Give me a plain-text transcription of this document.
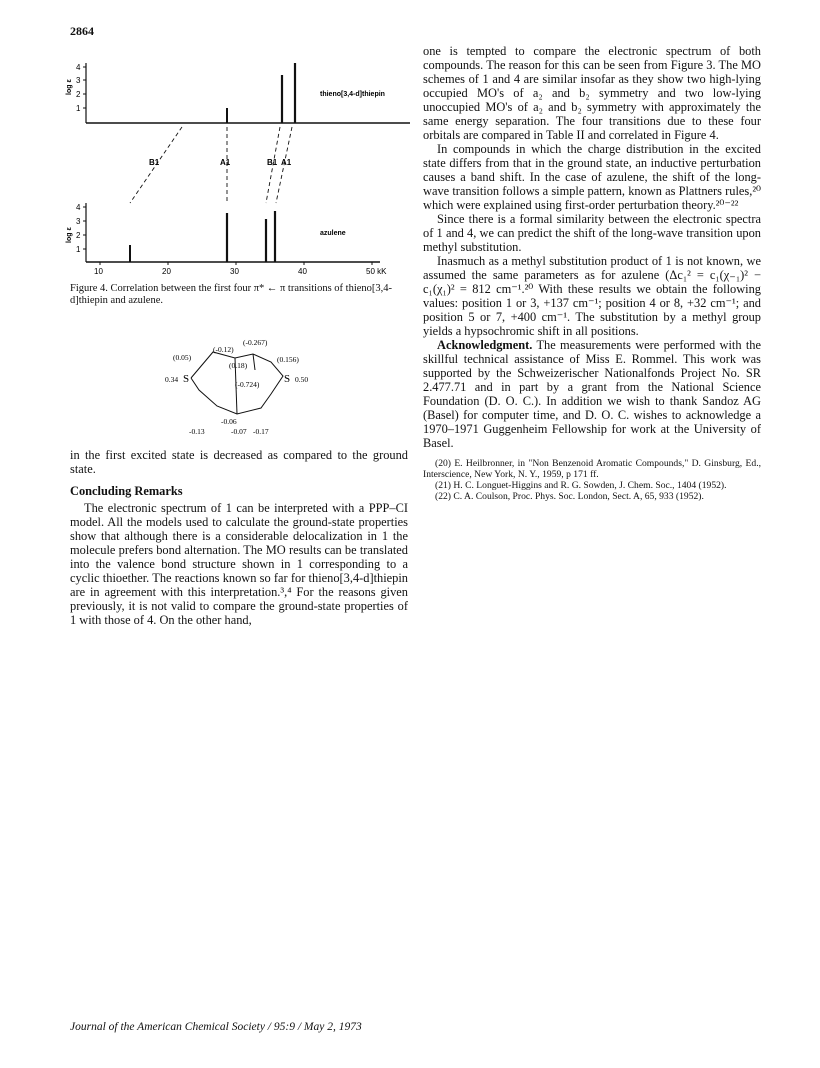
2864
4
3
2
1
log ε	thieno[3,4-d]thiepin
B1	A1	B1 A1
4
3
2
1
log ε	azulene
10	20	30	40	50 kK
Figure 4. Correlation between the first four π* ← π transitions of thieno[3,4-d]thiepin and azulene.
(-0.267)
(-0.12)
(0.05)
(0.18)
(0.156)
(-0.724)
0.34 S	S 0.50
-0.06
-0.13	-0.07 -0.17

in the first excited state is decreased as compared to the ground state.

Concluding Remarks

The electronic spectrum of 1 can be interpreted with a PPP–CI model. All the models used to calculate the ground-state properties show that although there is a considerable delocalization in 1 the molecule prefers bond alternation. The MO results can be translated into the valence bond structure shown in 1 corresponding to a cyclic thioether. The reactions known so far for thieno[3,4-d]thiepin are in agreement with this interpretation.³,⁴ For the reasons given previously, it is not valid to compare the ground-state properties of 1 with those of 4. On the other hand,

one is tempted to compare the electronic spectrum of both compounds. The reason for this can be seen from Figure 3. The MO schemes of 1 and 4 are similar insofar as they show two high-lying occupied MO's of a₂ and b₂ symmetry and two low-lying unoccupied MO's of a₂ and b₂ symmetry with approximately the same energy separation. The four transitions due to these four orbitals are compared in Table II and correlated in Figure 4.

In compounds in which the charge distribution in the excited state differs from that in the ground state, an inductive perturbation causes a band shift. In the case of azulene, the shift of the long-wave transition follows a simple pattern, known as Plattners rules,²⁰ which were explained using first-order perturbation theory.²⁰⁻²²

Since there is a formal similarity between the electronic spectra of 1 and 4, we can predict the shift of the long-wave transition upon methyl substitution.

Inasmuch as a methyl substitution product of 1 is not known, we assumed the same parameters as for azulene (Δc₁² = c₁(χ₋₁)² − c₁(χ₁)² = 812 cm⁻¹.²⁰ With these results we obtain the following values: position 1 or 3, +137 cm⁻¹; position 4 or 8, +32 cm⁻¹; and position 5 or 7, +400 cm⁻¹. The substitution by a methyl group yields a hypsochromic shift in all positions.

Acknowledgment. The measurements were performed with the skillful technical assistance of Miss E. Rommel. This work was supported by the Schweizerischer Nationalfonds Project No. SR 2.477.71 and in part by a grant from the National Science Foundation (D. O. C.). In addition we wish to thank Sandoz AG (Basel) for computer time, and D. O. C. wishes to acknowledge a 1970–1971 Guggenheim Fellowship for work at the University of Basel.

(20) E. Heilbronner, in "Non Benzenoid Aromatic Compounds," D. Ginsburg, Ed., Interscience, New York, N. Y., 1959, p 171 ff.

(21) H. C. Longuet-Higgins and R. G. Sowden, J. Chem. Soc., 1404 (1952).

(22) C. A. Coulson, Proc. Phys. Soc. London, Sect. A, 65, 933 (1952).

Journal of the American Chemical Society / 95:9 / May 2, 1973
